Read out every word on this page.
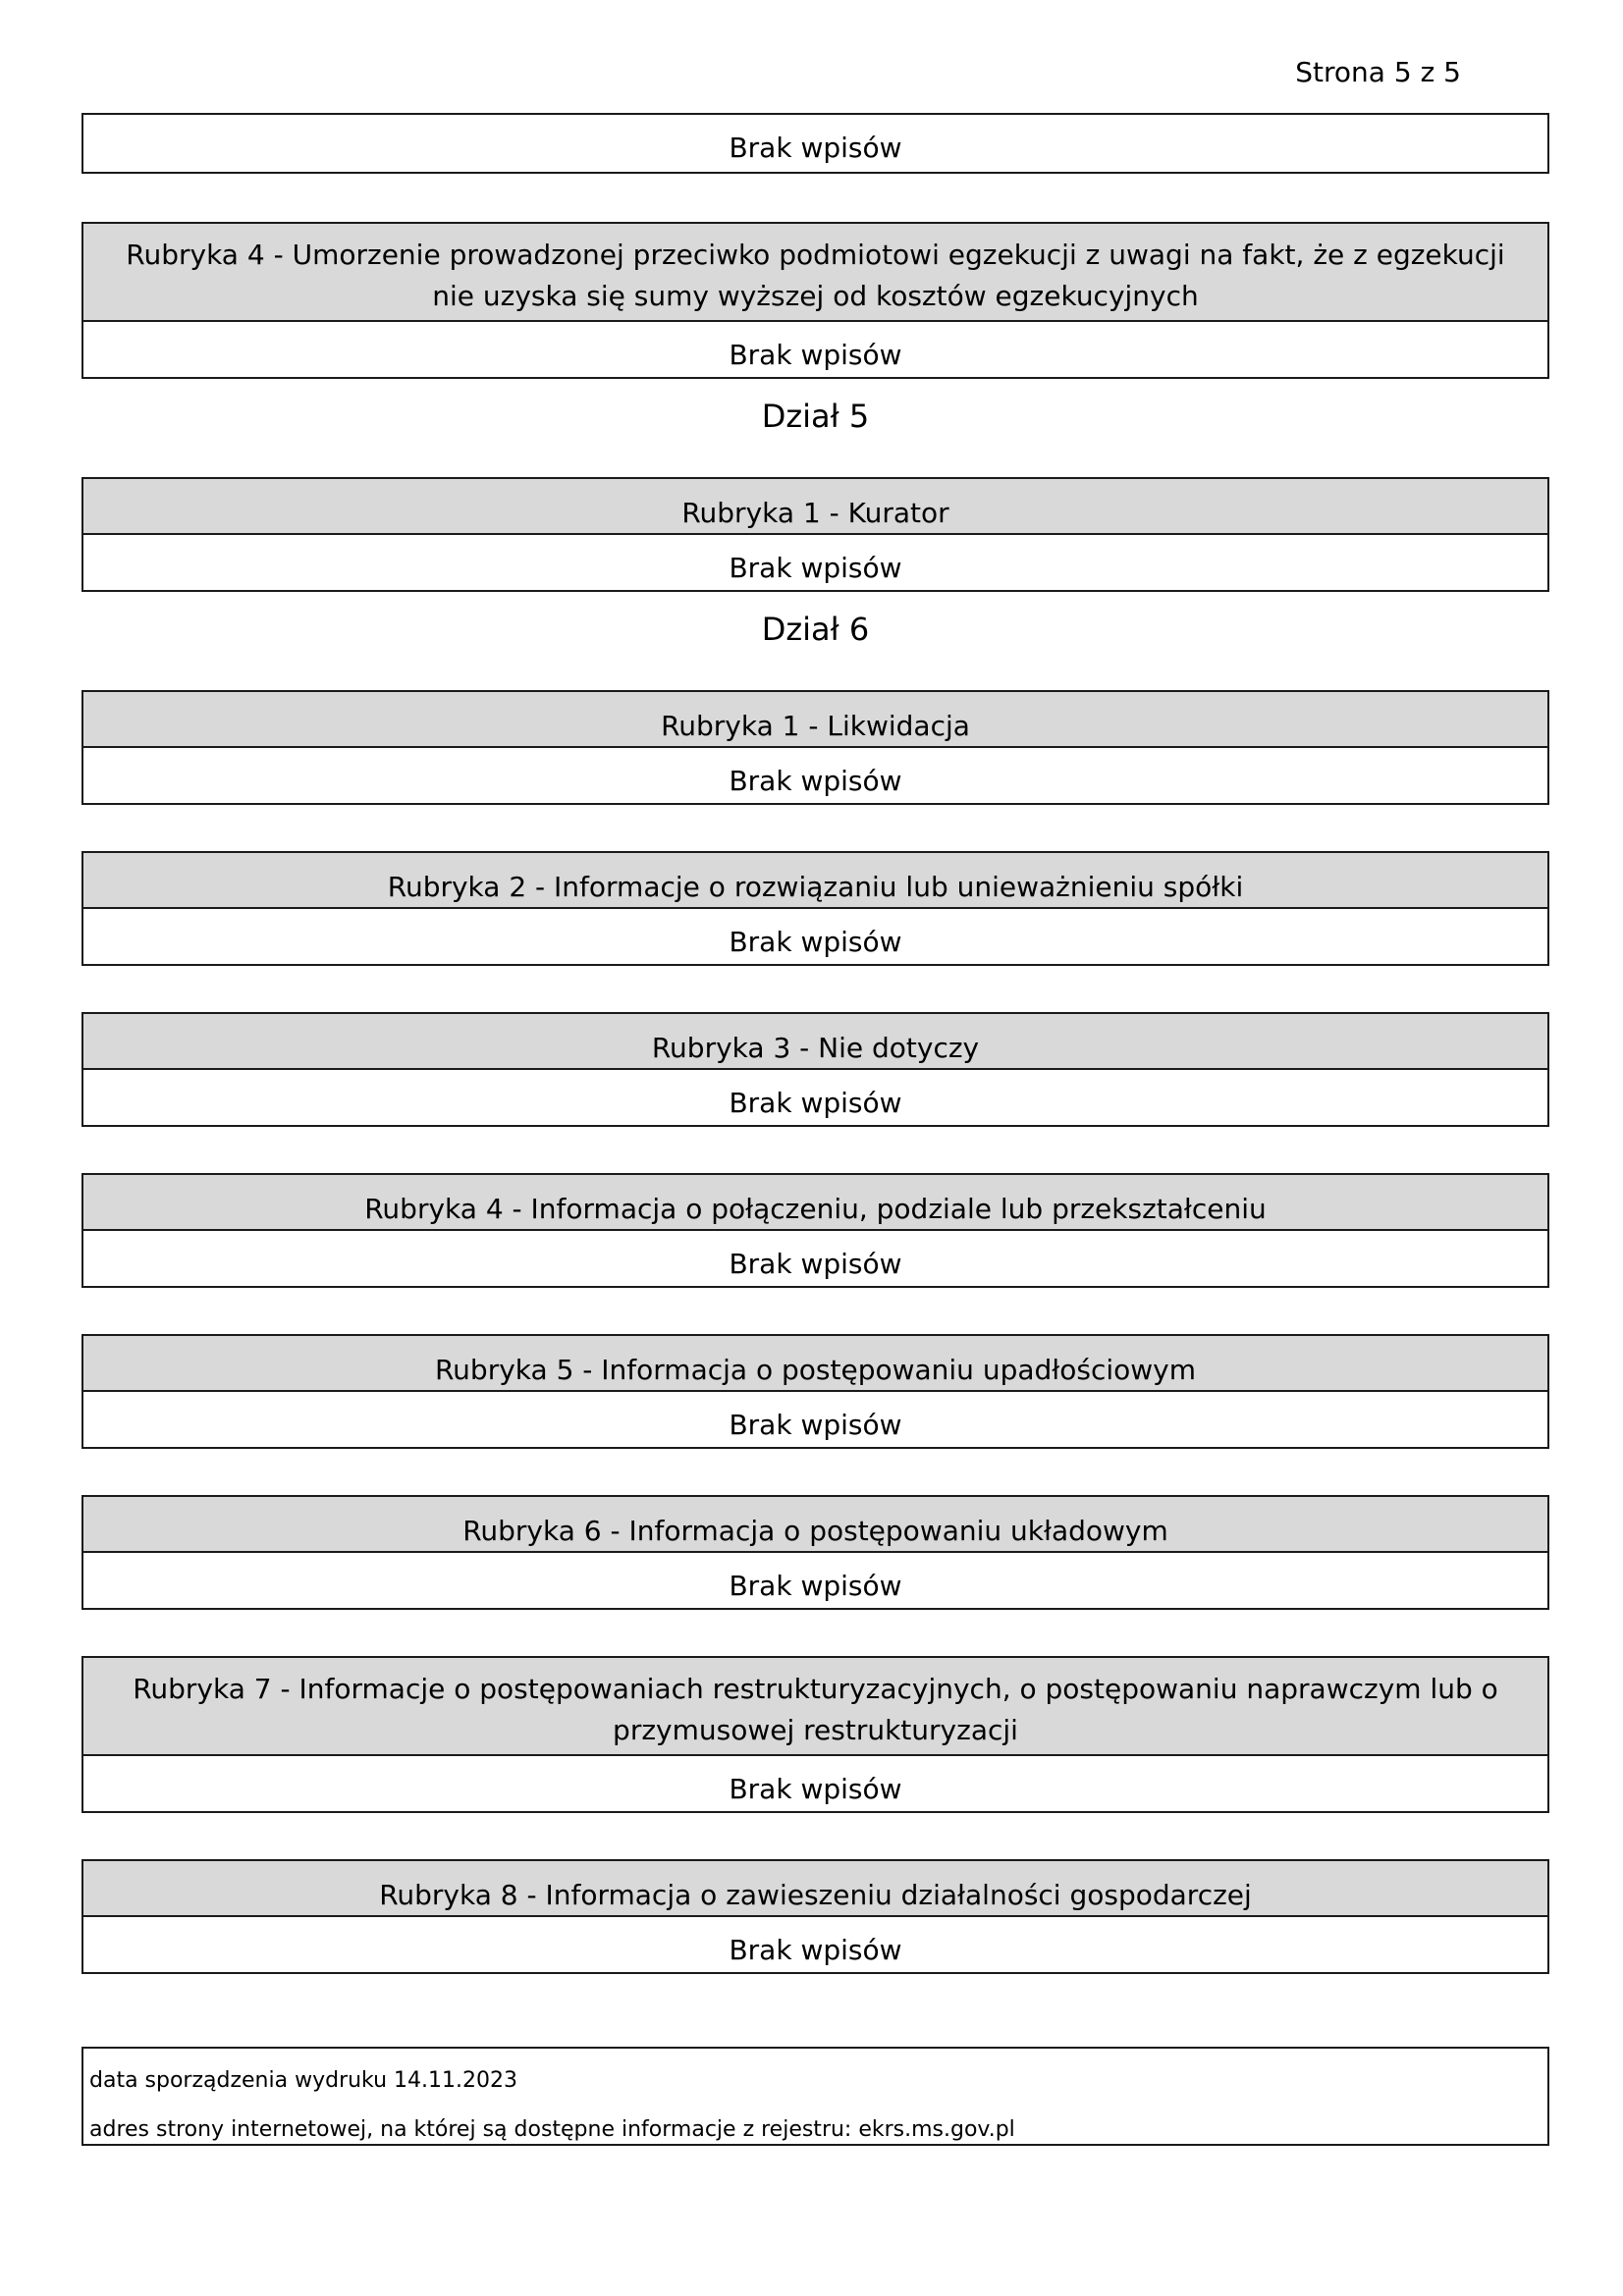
Strona 5 z 5
Brak wpisów
Rubryka 4 - Umorzenie prowadzonej przeciwko podmiotowi egzekucji z uwagi na fakt, że z egzekucji nie uzyska się sumy wyższej od kosztów egzekucyjnych
Brak wpisów
Dział 5
Rubryka 1 - Kurator
Brak wpisów
Dział 6
Rubryka 1 - Likwidacja
Brak wpisów
Rubryka 2 - Informacje o rozwiązaniu lub unieważnieniu spółki
Brak wpisów
Rubryka 3 - Nie dotyczy
Brak wpisów
Rubryka 4 - Informacja o połączeniu, podziale lub przekształceniu
Brak wpisów
Rubryka 5 - Informacja o postępowaniu upadłościowym
Brak wpisów
Rubryka 6 - Informacja o postępowaniu układowym
Brak wpisów
Rubryka 7 - Informacje o postępowaniach restrukturyzacyjnych, o postępowaniu naprawczym lub o przymusowej restrukturyzacji
Brak wpisów
Rubryka 8 - Informacja o zawieszeniu działalności gospodarczej
Brak wpisów
data sporządzenia wydruku 14.11.2023
adres strony internetowej, na której są dostępne informacje z rejestru: ekrs.ms.gov.pl
